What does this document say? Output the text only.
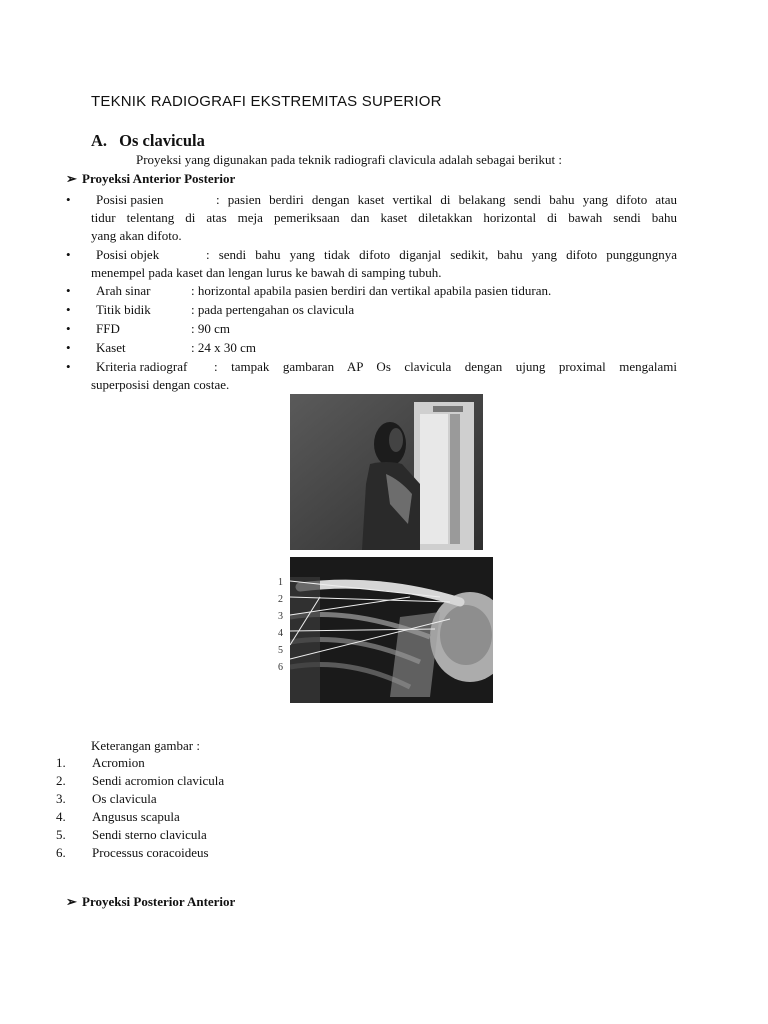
TEKNIK RADIOGRAFI EKSTREMITAS SUPERIOR
A. Os clavicula
Proyeksi yang digunakan pada teknik radiografi clavicula adalah sebagai berikut :
➢ Proyeksi Anterior Posterior
•	Posisi pasien	: pasien berdiri dengan kaset vertikal di belakang sendi bahu yang difoto atau
tidur telentang di atas meja pemeriksaan dan kaset diletakkan horizontal di bawah sendi bahu
yang akan difoto.
•	Posisi objek	: sendi bahu yang tidak difoto diganjal sedikit, bahu yang difoto punggungnya
menempel pada kaset dan lengan lurus ke bawah di samping tubuh.
•	Arah sinar	: horizontal apabila pasien berdiri dan vertikal apabila pasien tiduran.
•	Titik bidik	: pada pertengahan os clavicula
•	FFD	: 90 cm
•	Kaset	: 24 x 30 cm
•	Kriteria radiograf	: tampak gambaran AP Os clavicula dengan ujung proximal mengalami
superposisi dengan costae.
1
2
3
4
5
6
Keterangan gambar :
1. Acromion
2. Sendi acromion clavicula
3. Os clavicula
4. Angusus scapula
5. Sendi sterno clavicula
6. Processus coracoideus
➢ Proyeksi Posterior Anterior
